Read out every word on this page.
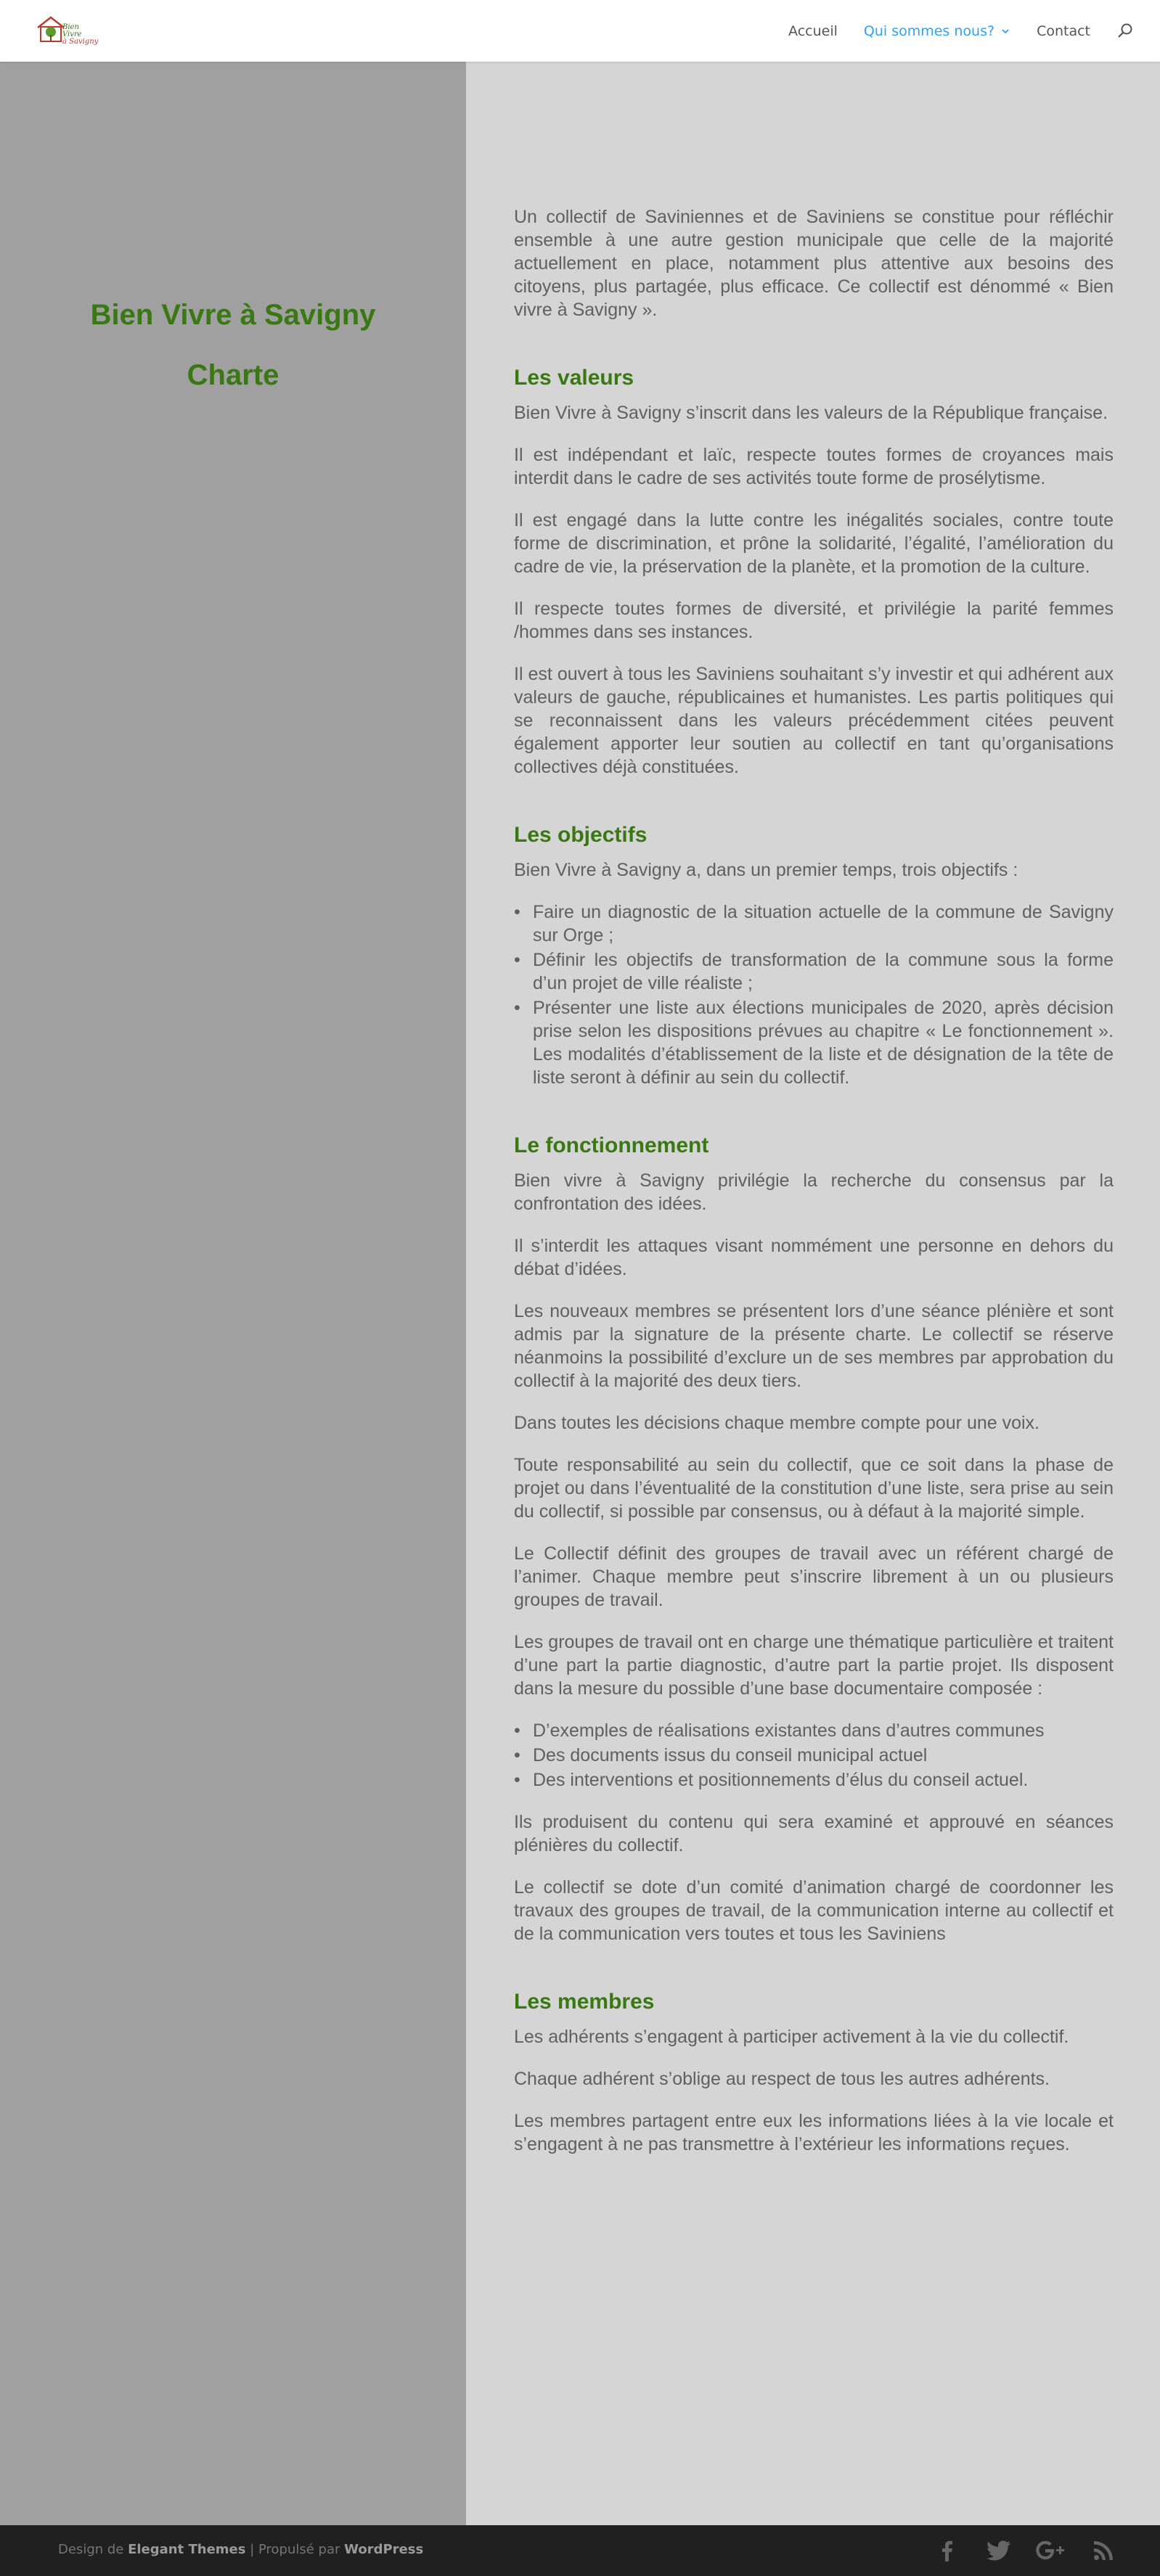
Bien
Vivre
à Savigny
Accueil Qui sommes nous?	Contact
Bien Vivre à Savigny
Charte

Un collectif de Saviniennes et de Saviniens se constitue pour réfléchir ensemble à une autre gestion municipale que celle de la majorité actuellement en place, notamment plus attentive aux besoins des citoyens, plus partagée, plus efficace. Ce collectif est dénommé « Bien vivre à Savigny ».

Les valeurs

Bien Vivre à Savigny s’inscrit dans les valeurs de la République française.

Il est indépendant et laïc, respecte toutes formes de croyances mais interdit dans le cadre de ses activités toute forme de prosélytisme.

Il est engagé dans la lutte contre les inégalités sociales, contre toute forme de discrimination, et prône la solidarité, l’égalité, l’amélioration du cadre de vie, la préservation de la planète, et la promotion de la culture.

Il respecte toutes formes de diversité, et privilégie la parité femmes /hommes dans ses instances.

Il est ouvert à tous les Saviniens souhaitant s’y investir et qui adhérent aux valeurs de gauche, républicaines et humanistes. Les partis politiques qui se reconnaissent dans les valeurs précédemment citées peuvent également apporter leur soutien au collectif en tant qu’organisations collectives déjà constituées.

Les objectifs

Bien Vivre à Savigny a, dans un premier temps, trois objectifs :

• Faire un diagnostic de la situation actuelle de la commune de Savigny sur Orge ;
• Définir les objectifs de transformation de la commune sous la forme d’un projet de ville réaliste ;
• Présenter une liste aux élections municipales de 2020, après décision prise selon les dispositions prévues au chapitre « Le fonctionnement ». Les modalités d’établissement de la liste et de désignation de la tête de liste seront à définir au sein du collectif.
Le fonctionnement

Bien vivre à Savigny privilégie la recherche du consensus par la confrontation des idées.

Il s’interdit les attaques visant nommément une personne en dehors du débat d’idées.

Les nouveaux membres se présentent lors d’une séance plénière et sont admis par la signature de la présente charte. Le collectif se réserve néanmoins la possibilité d’exclure un de ses membres par approbation du collectif à la majorité des deux tiers.

Dans toutes les décisions chaque membre compte pour une voix.

Toute responsabilité au sein du collectif, que ce soit dans la phase de projet ou dans l’éventualité de la constitution d’une liste, sera prise au sein du collectif, si possible par consensus, ou à défaut à la majorité simple.

Le Collectif définit des groupes de travail avec un référent chargé de l’animer. Chaque membre peut s’inscrire librement à un ou plusieurs groupes de travail.

Les groupes de travail ont en charge une thématique particulière et traitent d’une part la partie diagnostic, d’autre part la partie projet. Ils disposent dans la mesure du possible d’une base documentaire composée :

• D’exemples de réalisations existantes dans d’autres communes
• Des documents issus du conseil municipal actuel
• Des interventions et positionnements d’élus du conseil actuel.

Ils produisent du contenu qui sera examiné et approuvé en séances plénières du collectif.

Le collectif se dote d’un comité d’animation chargé de coordonner les travaux des groupes de travail, de la communication interne au collectif et de la communication vers toutes et tous les Saviniens

Les membres

Les adhérents s’engagent à participer activement à la vie du collectif.

Chaque adhérent s’oblige au respect de tous les autres adhérents.

Les membres partagent entre eux les informations liées à la vie locale et s’engagent à ne pas transmettre à l’extérieur les informations reçues.

Design de Elegant Themes | Propulsé par WordPress
